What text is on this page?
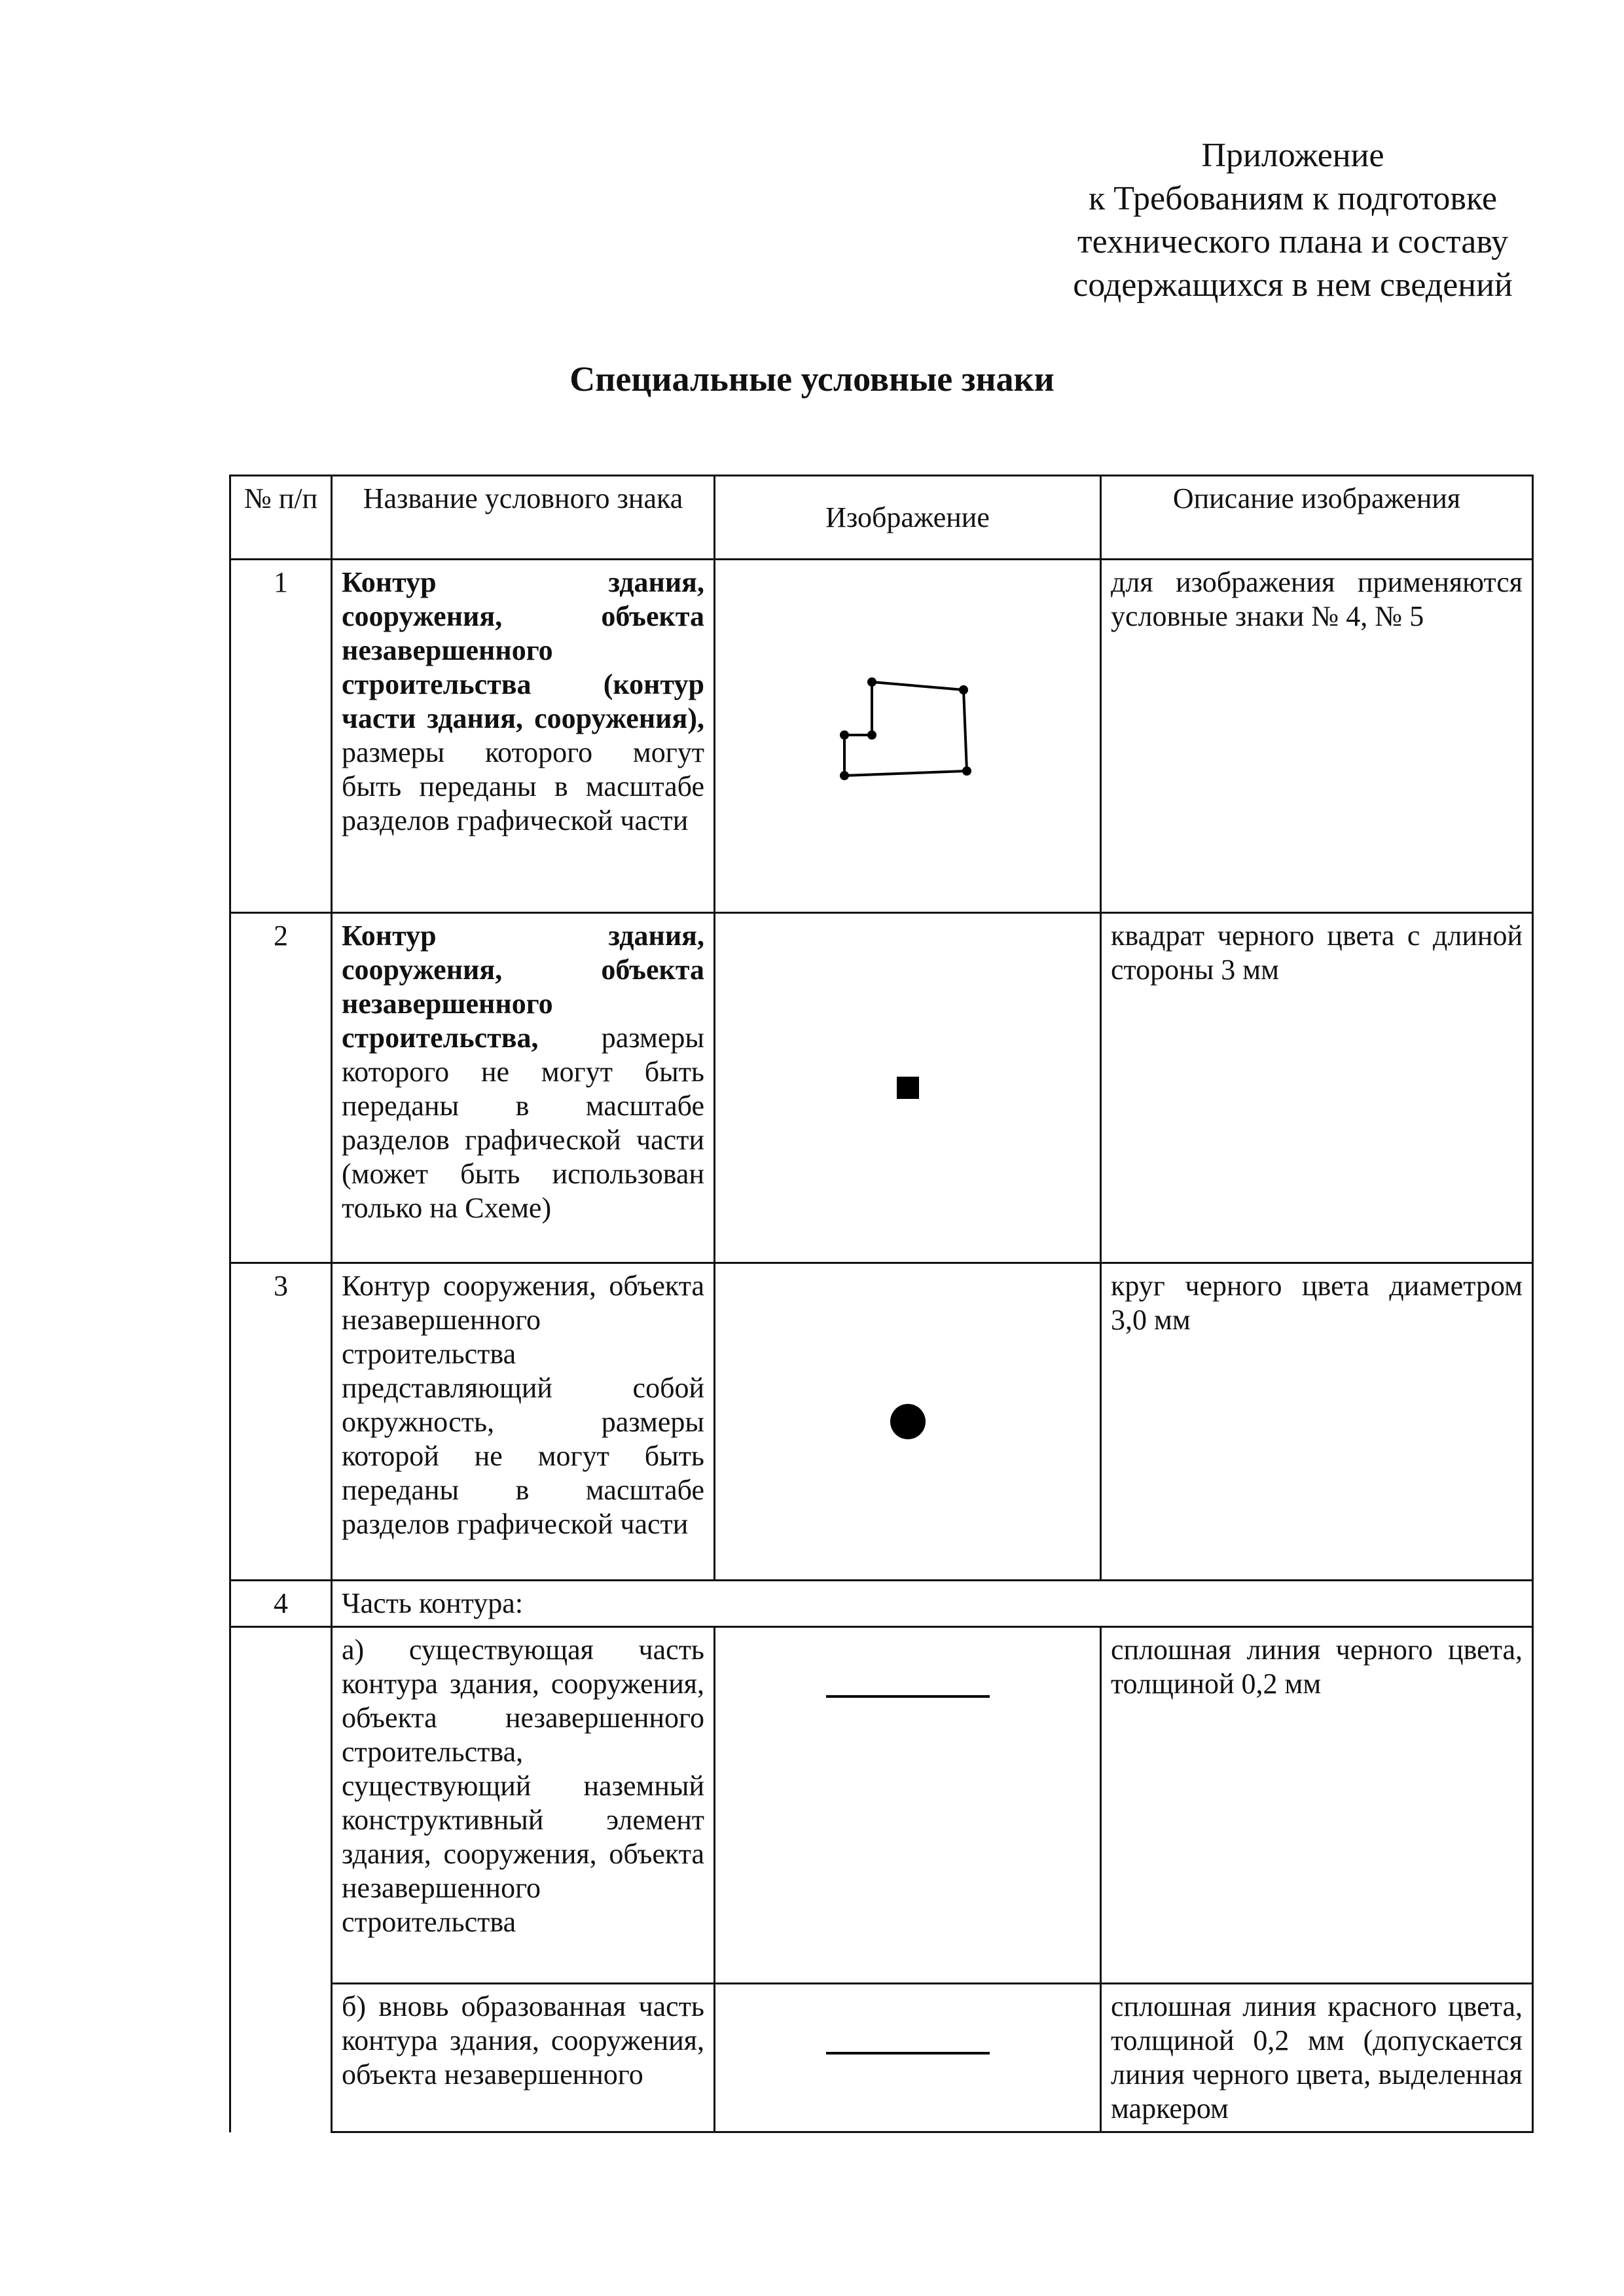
Приложение
к Требованиям к подготовке
технического плана и составу
содержащихся в нем сведений
Специальные условные знаки
№ п/п	Название условного знака	Изображение	Описание изображения
1	Контур здания, сооружения, объекта незавершенного строительства (контур части здания, сооружения), размеры которого могут быть переданы в масштабе разделов графической части		для изображения применяются условные знаки № 4, № 5
2	Контур здания, сооружения, объекта незавершенного строительства, размеры которого не могут быть переданы в масштабе разделов графической части (может быть использован только на Схеме)		квадрат черного цвета с длиной стороны 3 мм
3	Контур сооружения, объекта незавершенного строительства представляющий собой окружность, размеры которой не могут быть переданы в масштабе разделов графической части		круг черного цвета диаметром 3,0 мм
4	Часть контура:		
	а) существующая часть контура здания, сооружения, объекта незавершенного строительства, существующий наземный конструктивный элемент здания, сооружения, объекта незавершенного строительства		сплошная линия черного цвета, толщиной 0,2 мм
	б) вновь образованная часть контура здания, сооружения, объекта незавершенного		сплошная линия красного цвета, толщиной 0,2 мм (допускается линия черного цвета, выделенная маркером
